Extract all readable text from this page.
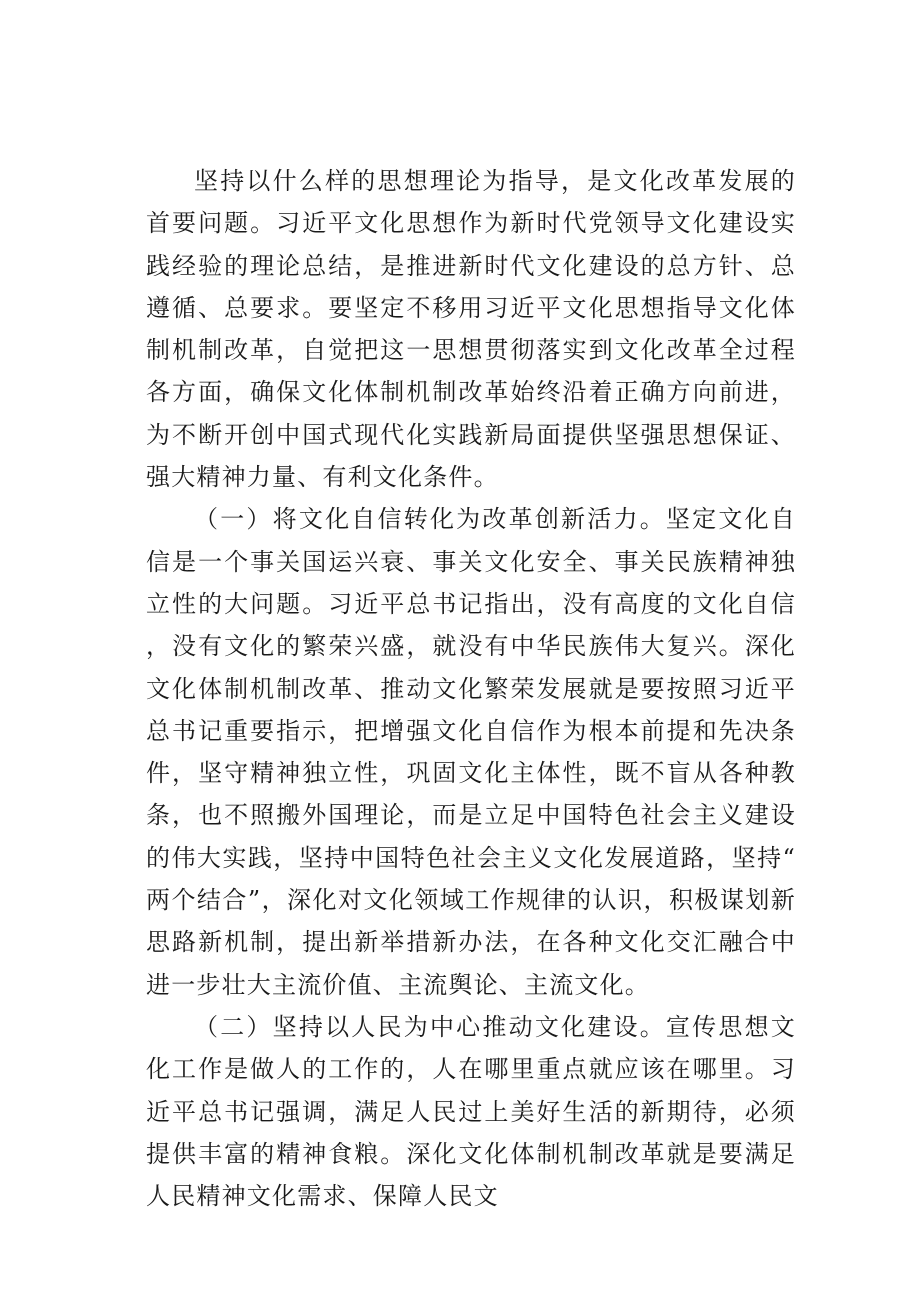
坚持以什么样的思想理论为指导，是文化改革发展的首要问题。习近平文化思想作为新时代党领导文化建设实践经验的理论总结，是推进新时代文化建设的总方针、总遵循、总要求。要坚定不移用习近平文化思想指导文化体制机制改革，自觉把这一思想贯彻落实到文化改革全过程各方面，确保文化体制机制改革始终沿着正确方向前进，为不断开创中国式现代化实践新局面提供坚强思想保证、强大精神力量、有利文化条件。

（一）将文化自信转化为改革创新活力。坚定文化自信是一个事关国运兴衰、事关文化安全、事关民族精神独立性的大问题。习近平总书记指出，没有高度的文化自信，没有文化的繁荣兴盛，就没有中华民族伟大复兴。深化文化体制机制改革、推动文化繁荣发展就是要按照习近平总书记重要指示，把增强文化自信作为根本前提和先决条件，坚守精神独立性，巩固文化主体性，既不盲从各种教条，也不照搬外国理论，而是立足中国特色社会主义建设的伟大实践，坚持中国特色社会主义文化发展道路，坚持“两个结合”，深化对文化领域工作规律的认识，积极谋划新思路新机制，提出新举措新办法，在各种文化交汇融合中进一步壮大主流价值、主流舆论、主流文化。

（二）坚持以人民为中心推动文化建设。宣传思想文化工作是做人的工作的，人在哪里重点就应该在哪里。习近平总书记强调，满足人民过上美好生活的新期待，必须提供丰富的精神食粮。深化文化体制机制改革就是要满足人民精神文化需求、保障人民文
